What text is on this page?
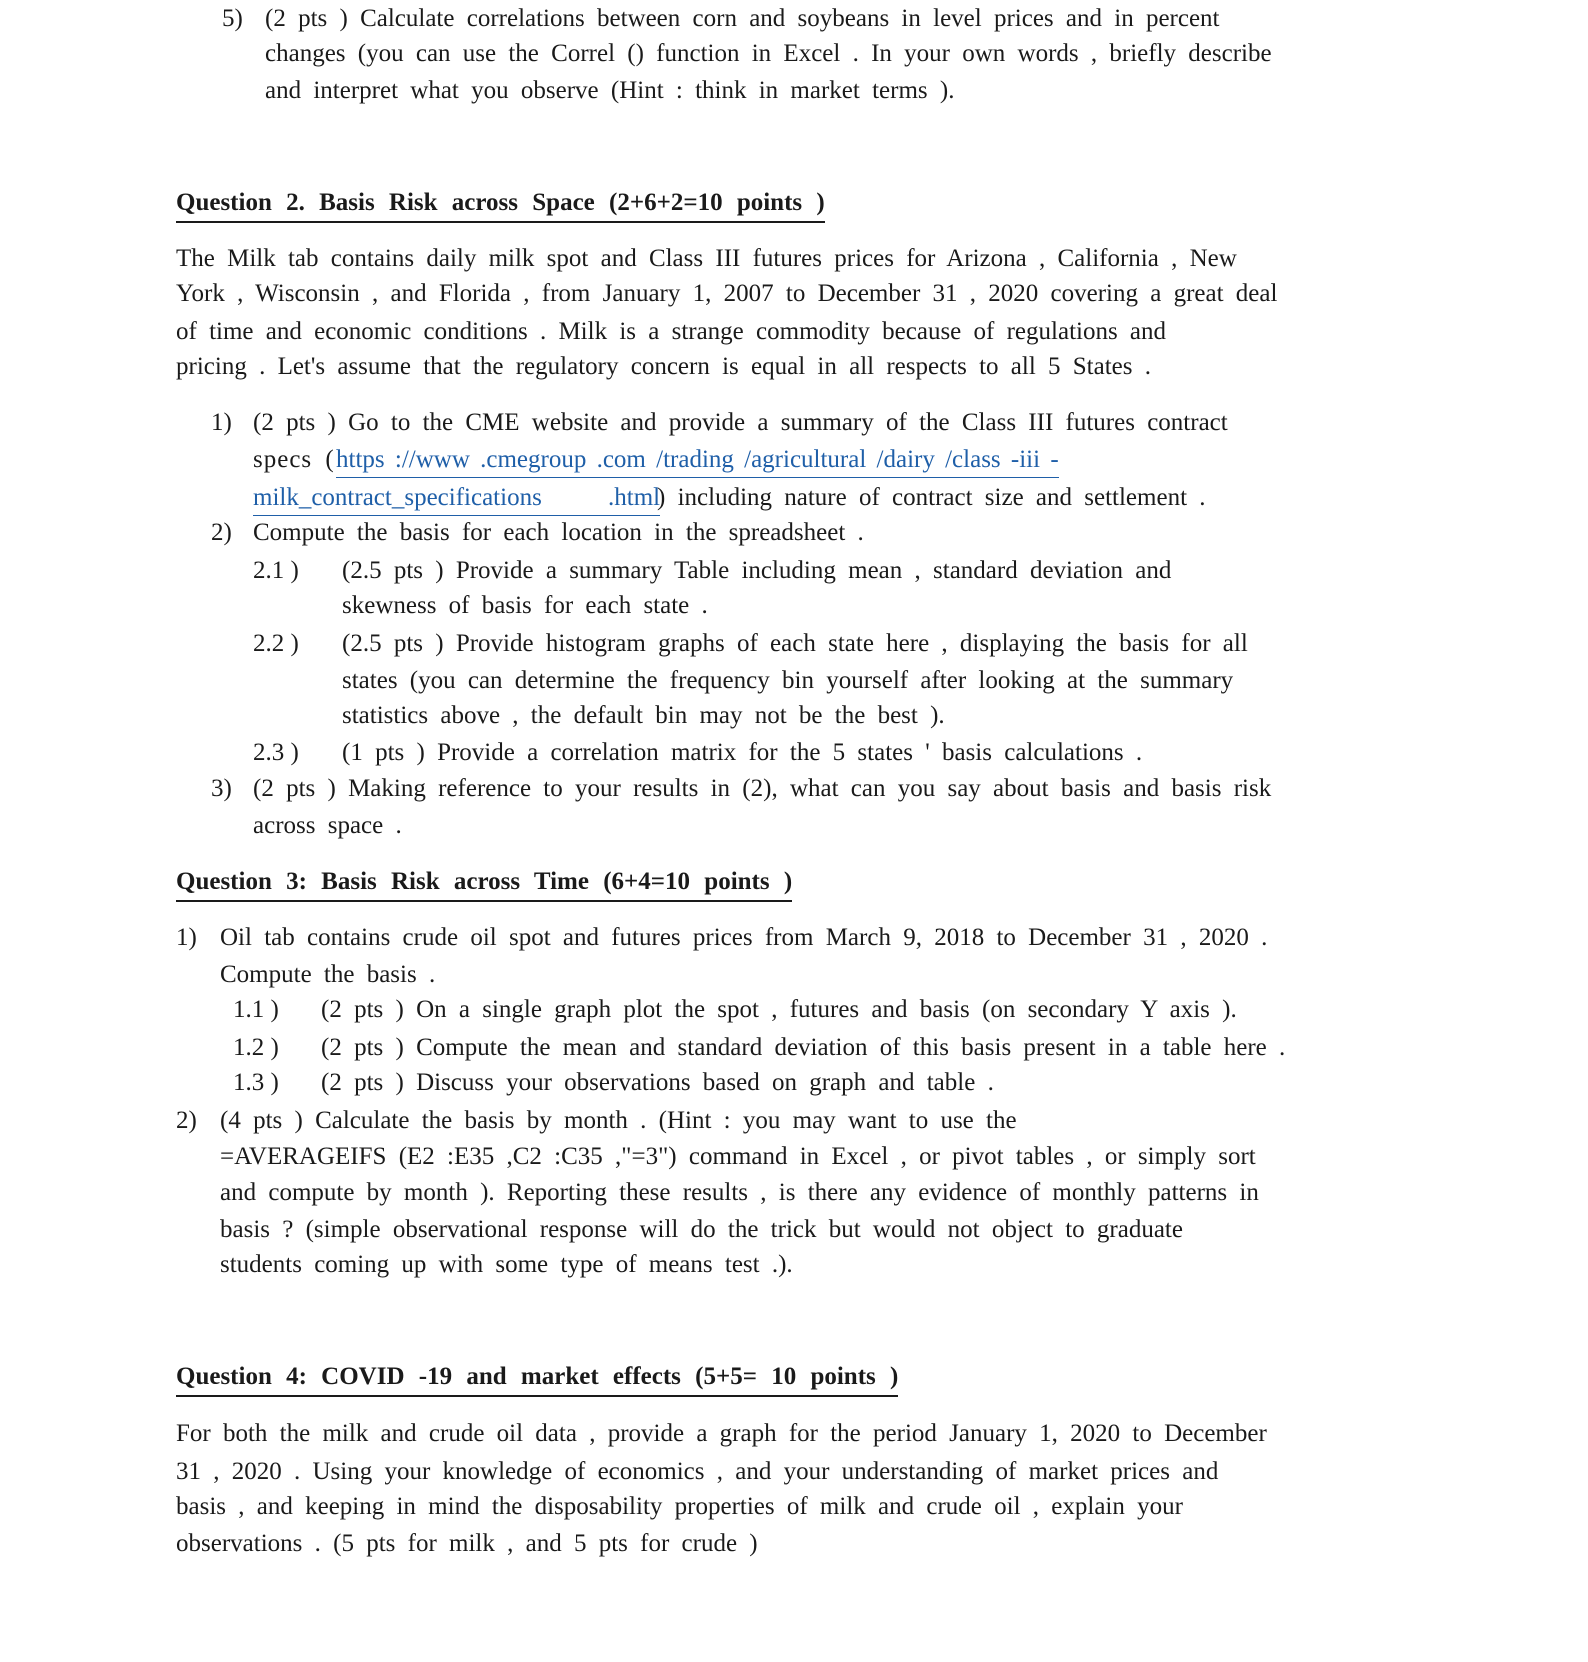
5) (2 pts ) Calculate correlations between corn and soybeans in level prices and in percent
changes (you can use the Correl () function in Excel . In your own words , briefly describe
and interpret what you observe (Hint : think in market terms ).
Question 2. Basis Risk across Space (2+6+2=10 points )
The Milk tab contains daily milk spot and Class III futures prices for Arizona , California , New
York , Wisconsin , and Florida , from January 1, 2007 to December 31 , 2020 covering a great deal
of time and economic conditions . Milk is a strange commodity because of regulations and
pricing . Let's assume that the regulatory concern is equal in all respects to all 5 States .
1) (2 pts ) Go to the CME website and provide a summary of the Class III futures contract
specs ( https ://www .cmegroup .com /trading /agricultural /dairy /class -iii -
milk_contract_specifications .html
) including nature of contract size and settlement .
2) Compute the basis for each location in the spreadsheet .
2.1 ) (2.5 pts ) Provide a summary Table including mean , standard deviation and
skewness of basis for each state .
2.2 ) (2.5 pts ) Provide histogram graphs of each state here , displaying the basis for all
states (you can determine the frequency bin yourself after looking at the summary
statistics above , the default bin may not be the best ).
2.3 ) (1 pts ) Provide a correlation matrix for the 5 states ' basis calculations .
3) (2 pts ) Making reference to your results in (2), what can you say about basis and basis risk
across space .
Question 3: Basis Risk across Time (6+4=10 points )
1) Oil tab contains crude oil spot and futures prices from March 9, 2018 to December 31 , 2020 .
Compute the basis .
1.1 ) (2 pts ) On a single graph plot the spot , futures and basis (on secondary Y axis ).
1.2 ) (2 pts ) Compute the mean and standard deviation of this basis present in a table here .
1.3 ) (2 pts ) Discuss your observations based on graph and table .
2) (4 pts ) Calculate the basis by month . (Hint : you may want to use the
=AVERAGEIFS (E2 :E35 ,C2 :C35 ,"=3") command in Excel , or pivot tables , or simply sort
and compute by month ). Reporting these results , is there any evidence of monthly patterns in
basis ? (simple observational response will do the trick but would not object to graduate
students coming up with some type of means test .).
Question 4: COVID -19 and market effects (5+5= 10 points )
For both the milk and crude oil data , provide a graph for the period January 1, 2020 to December
31 , 2020 . Using your knowledge of economics , and your understanding of market prices and
basis , and keeping in mind the disposability properties of milk and crude oil , explain your
observations . (5 pts for milk , and 5 pts for crude )
